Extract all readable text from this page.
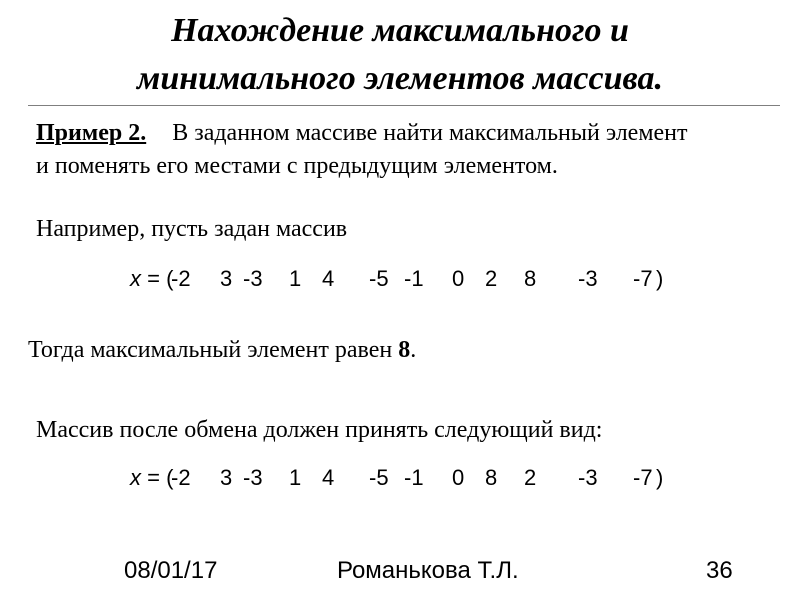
Нахождение максимального и
минимального элементов массива.
Пример 2. В заданном массиве найти максимальный элемент
и поменять его местами с предыдущим элементом.
Например, пусть задан массив
x = (
-2 3 -3 1 4 -5 -1 0 2 8 -3 -7 )
Тогда максимальный элемент равен 8.
Массив после обмена должен принять следующий вид:
x = (
-2 3 -3 1 4 -5 -1 0 8 2 -3 -7 )
08/01/17	Романькова Т.Л.	36
